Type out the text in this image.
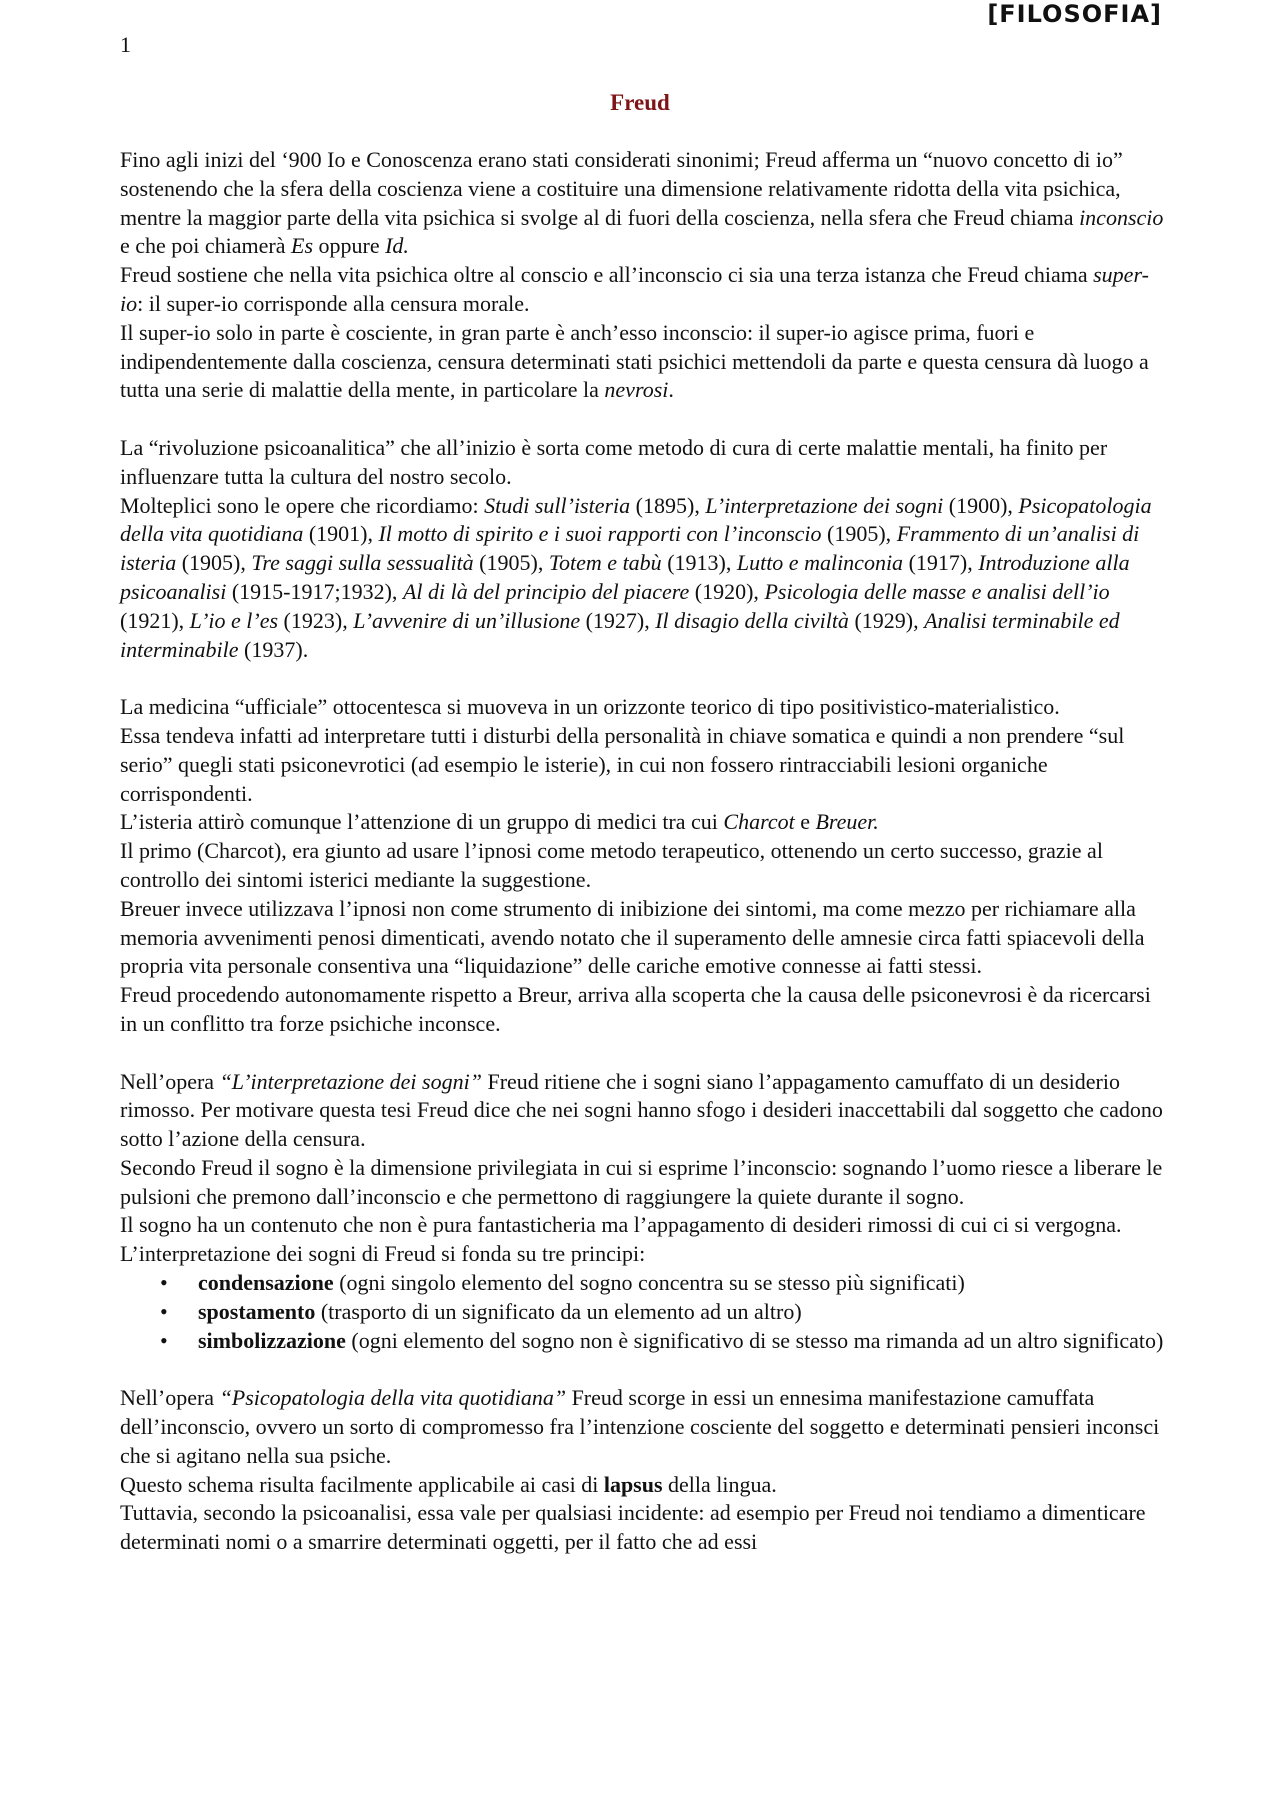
[FILOSOFIA]
1
Freud

Fino agli inizi del ‘900 Io e Conoscenza erano stati considerati sinonimi; Freud afferma un “nuovo concetto di io” sostenendo che la sfera della coscienza viene a costituire una dimensione relativamente ridotta della vita psichica, mentre la maggior parte della vita psichica si svolge al di fuori della coscienza, nella sfera che Freud chiama inconscio e che poi chiamerà Es oppure Id.

Freud sostiene che nella vita psichica oltre al conscio e all’inconscio ci sia una terza istanza che Freud chiama super-io: il super-io corrisponde alla censura morale.

Il super-io solo in parte è cosciente, in gran parte è anch’esso inconscio: il super-io agisce prima, fuori e indipendentemente dalla coscienza, censura determinati stati psichici mettendoli da parte e questa censura dà luogo a tutta una serie di malattie della mente, in particolare la nevrosi.

La “rivoluzione psicoanalitica” che all’inizio è sorta come metodo di cura di certe malattie mentali, ha finito per influenzare tutta la cultura del nostro secolo.

Molteplici sono le opere che ricordiamo: Studi sull’isteria (1895), L’interpretazione dei sogni (1900), Psicopatologia della vita quotidiana (1901), Il motto di spirito e i suoi rapporti con l’inconscio (1905), Frammento di un’analisi di isteria (1905), Tre saggi sulla sessualità (1905), Totem e tabù (1913), Lutto e malinconia (1917), Introduzione alla psicoanalisi (1915-1917;1932), Al di là del principio del piacere (1920), Psicologia delle masse e analisi dell’io (1921), L’io e l’es (1923), L’avvenire di un’illusione (1927), Il disagio della civiltà (1929), Analisi terminabile ed interminabile (1937).

La medicina “ufficiale” ottocentesca si muoveva in un orizzonte teorico di tipo positivistico-materialistico.

Essa tendeva infatti ad interpretare tutti i disturbi della personalità in chiave somatica e quindi a non prendere “sul serio” quegli stati psiconevrotici (ad esempio le isterie), in cui non fossero rintracciabili lesioni organiche corrispondenti.

L’isteria attirò comunque l’attenzione di un gruppo di medici tra cui Charcot e Breuer.

Il primo (Charcot), era giunto ad usare l’ipnosi come metodo terapeutico, ottenendo un certo successo, grazie al controllo dei sintomi isterici mediante la suggestione.

Breuer invece utilizzava l’ipnosi non come strumento di inibizione dei sintomi, ma come mezzo per richiamare alla memoria avvenimenti penosi dimenticati, avendo notato che il superamento delle amnesie circa fatti spiacevoli della propria vita personale consentiva una “liquidazione” delle cariche emotive connesse ai fatti stessi.

Freud procedendo autonomamente rispetto a Breur, arriva alla scoperta che la causa delle psiconevrosi è da ricercarsi in un conflitto tra forze psichiche inconsce.

Nell’opera “L’interpretazione dei sogni” Freud ritiene che i sogni siano l’appagamento camuffato di un desiderio rimosso. Per motivare questa tesi Freud dice che nei sogni hanno sfogo i desideri inaccettabili dal soggetto che cadono sotto l’azione della censura.

Secondo Freud il sogno è la dimensione privilegiata in cui si esprime l’inconscio: sognando l’uomo riesce a liberare le pulsioni che premono dall’inconscio e che permettono di raggiungere la quiete durante il sogno.

Il sogno ha un contenuto che non è pura fantasticheria ma l’appagamento di desideri rimossi di cui ci si vergogna.

L’interpretazione dei sogni di Freud si fonda su tre principi:

• condensazione (ogni singolo elemento del sogno concentra su se stesso più significati)
• spostamento (trasporto di un significato da un elemento ad un altro)
• simbolizzazione (ogni elemento del sogno non è significativo di se stesso ma rimanda ad un altro significato)

Nell’opera “Psicopatologia della vita quotidiana” Freud scorge in essi un ennesima manifestazione camuffata dell’inconscio, ovvero un sorto di compromesso fra l’intenzione cosciente del soggetto e determinati pensieri inconsci che si agitano nella sua psiche.

Questo schema risulta facilmente applicabile ai casi di lapsus della lingua.

Tuttavia, secondo la psicoanalisi, essa vale per qualsiasi incidente: ad esempio per Freud noi tendiamo a dimenticare determinati nomi o a smarrire determinati oggetti, per il fatto che ad essi
